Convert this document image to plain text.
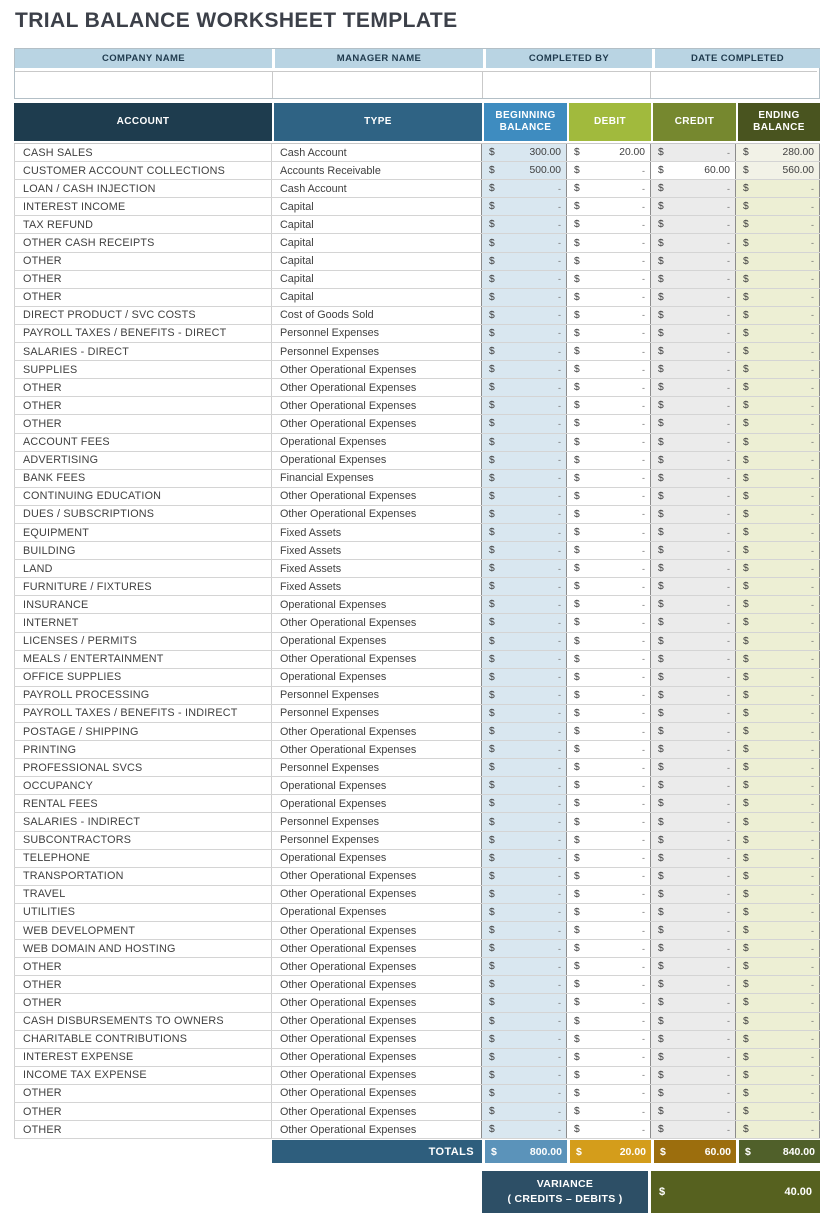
TRIAL BALANCE WORKSHEET TEMPLATE
COMPANY NAME	MANAGER NAME	COMPLETED BY	DATE COMPLETED
ACCOUNT	TYPE
BEGINNING BALANCE
DEBIT	CREDIT
ENDING BALANCE
CASH SALES	Cash Account	$	300.00 $	20.00 $	- $	280.00
CUSTOMER ACCOUNT COLLECTIONS	Accounts Receivable	$	500.00 $	- $	60.00 $	560.00
LOAN / CASH INJECTION	Cash Account	$	- $	- $	- $	-
INTEREST INCOME	Capital	$	- $	- $	- $	-
TAX REFUND	Capital	$	- $	- $	- $	-
OTHER CASH RECEIPTS	Capital	$	- $	- $	- $	-
OTHER	Capital	$	- $	- $	- $	-
OTHER	Capital	$	- $	- $	- $	-
OTHER	Capital	$	- $	- $	- $	-
DIRECT PRODUCT / SVC COSTS	Cost of Goods Sold	$	- $	- $	- $	-
PAYROLL TAXES / BENEFITS - DIRECT	Personnel Expenses	$	- $	- $	- $	-
SALARIES - DIRECT	Personnel Expenses	$	- $	- $	- $	-
SUPPLIES	Other Operational Expenses	$	- $	- $	- $	-
OTHER	Other Operational Expenses	$	- $	- $	- $	-
OTHER	Other Operational Expenses	$	- $	- $	- $	-
OTHER	Other Operational Expenses	$	- $	- $	- $	-
ACCOUNT FEES	Operational Expenses	$	- $	- $	- $	-
ADVERTISING	Operational Expenses	$	- $	- $	- $	-
BANK FEES	Financial Expenses	$	- $	- $	- $	-
CONTINUING EDUCATION	Other Operational Expenses	$	- $	- $	- $	-
DUES / SUBSCRIPTIONS	Other Operational Expenses	$	- $	- $	- $	-
EQUIPMENT	Fixed Assets	$	- $	- $	- $	-
BUILDING	Fixed Assets	$	- $	- $	- $	-
LAND	Fixed Assets	$	- $	- $	- $	-
FURNITURE / FIXTURES	Fixed Assets	$	- $	- $	- $	-
INSURANCE	Operational Expenses	$	- $	- $	- $	-
INTERNET	Other Operational Expenses	$	- $	- $	- $	-
LICENSES / PERMITS	Operational Expenses	$	- $	- $	- $	-
MEALS / ENTERTAINMENT	Other Operational Expenses	$	- $	- $	- $	-
OFFICE SUPPLIES	Operational Expenses	$	- $	- $	- $	-
PAYROLL PROCESSING	Personnel Expenses	$	- $	- $	- $	-
PAYROLL TAXES / BENEFITS - INDIRECT	Personnel Expenses	$	- $	- $	- $	-
POSTAGE / SHIPPING	Other Operational Expenses	$	- $	- $	- $	-
PRINTING	Other Operational Expenses	$	- $	- $	- $	-
PROFESSIONAL SVCS	Personnel Expenses	$	- $	- $	- $	-
OCCUPANCY	Operational Expenses	$	- $	- $	- $	-
RENTAL FEES	Operational Expenses	$	- $	- $	- $	-
SALARIES - INDIRECT	Personnel Expenses	$	- $	- $	- $	-
SUBCONTRACTORS	Personnel Expenses	$	- $	- $	- $	-
TELEPHONE	Operational Expenses	$	- $	- $	- $	-
TRANSPORTATION	Other Operational Expenses	$	- $	- $	- $	-
TRAVEL	Other Operational Expenses	$	- $	- $	- $	-
UTILITIES	Operational Expenses	$	- $	- $	- $	-
WEB DEVELOPMENT	Other Operational Expenses	$	- $	- $	- $	-
WEB DOMAIN AND HOSTING	Other Operational Expenses	$	- $	- $	- $	-
OTHER	Other Operational Expenses	$	- $	- $	- $	-
OTHER	Other Operational Expenses	$	- $	- $	- $	-
OTHER	Other Operational Expenses	$	- $	- $	- $	-
CASH DISBURSEMENTS TO OWNERS	Other Operational Expenses	$	- $	- $	- $	-
CHARITABLE CONTRIBUTIONS	Other Operational Expenses	$	- $	- $	- $	-
INTEREST EXPENSE	Other Operational Expenses	$	- $	- $	- $	-
INCOME TAX EXPENSE	Other Operational Expenses	$	- $	- $	- $	-
OTHER	Other Operational Expenses	$	- $	- $	- $	-
OTHER	Other Operational Expenses	$	- $	- $	- $	-
OTHER	Other Operational Expenses	$	- $	- $	- $	-
TOTALS	$	800.00 $	20.00 $	60.00 $	840.00
VARIANCE
( CREDITS – DEBITS )
$	40.00
